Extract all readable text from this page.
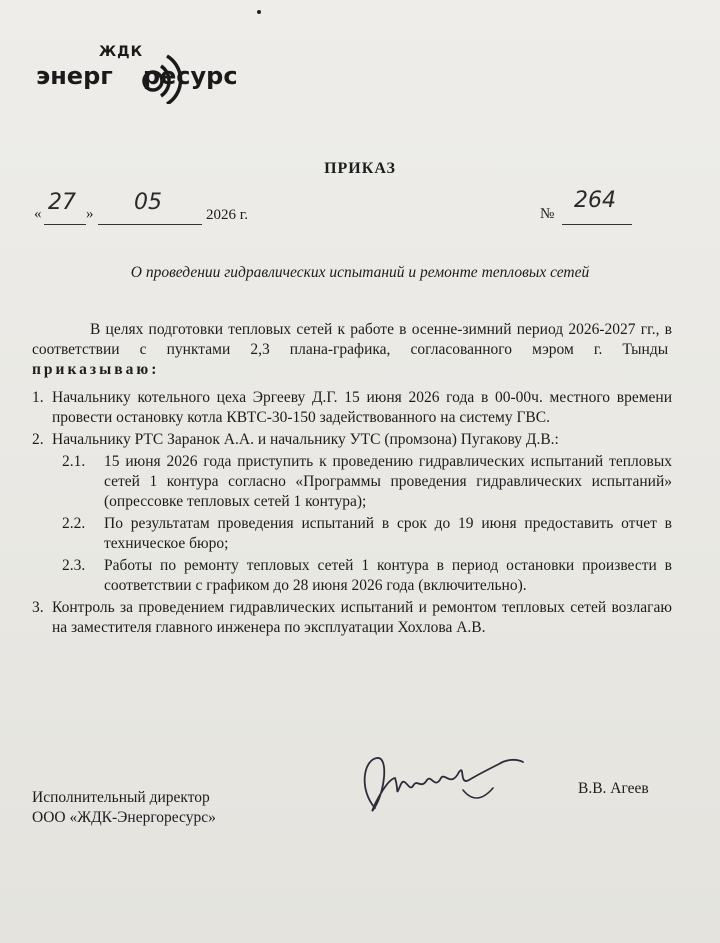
ЖДК
энерг ресурс
ПРИКАЗ
« 27 » 05	2026 г.	№
264
О проведении гидравлических испытаний и ремонте тепловых сетей

В целях подготовки тепловых сетей к работе в осенне-зимний период 2026-2027 гг., в соответствии с пунктами 2,3 плана-графика, согласованного мэром г. Тынды  приказываю:

1. Начальнику котельного цеха Эргееву Д.Г. 15 июня 2026 года в 00-00ч. местного времени провести остановку котла КВТС-30-150 задействованного на систему ГВС.
2. Начальнику РТС Заранок А.А. и начальнику УТС (промзона) Пугакову Д.В.:
2.1. 15 июня 2026 года приступить к проведению гидравлических испытаний тепловых сетей 1 контура согласно «Программы проведения гидравлических испытаний» (опрессовке тепловых сетей 1 контура);
2.2. По результатам проведения испытаний в срок до 19 июня предоставить отчет в техническое бюро;
2.3. Работы по ремонту тепловых сетей 1 контура в период остановки произвести в соответствии с графиком до 28 июня 2026 года (включительно).
3. Контроль за проведением гидравлических испытаний и ремонтом тепловых сетей возлагаю на заместителя главного инженера по эксплуатации Хохлова А.В.
Исполнительный директор
ООО «ЖДК-Энергоресурс»
В.В. Агеев
